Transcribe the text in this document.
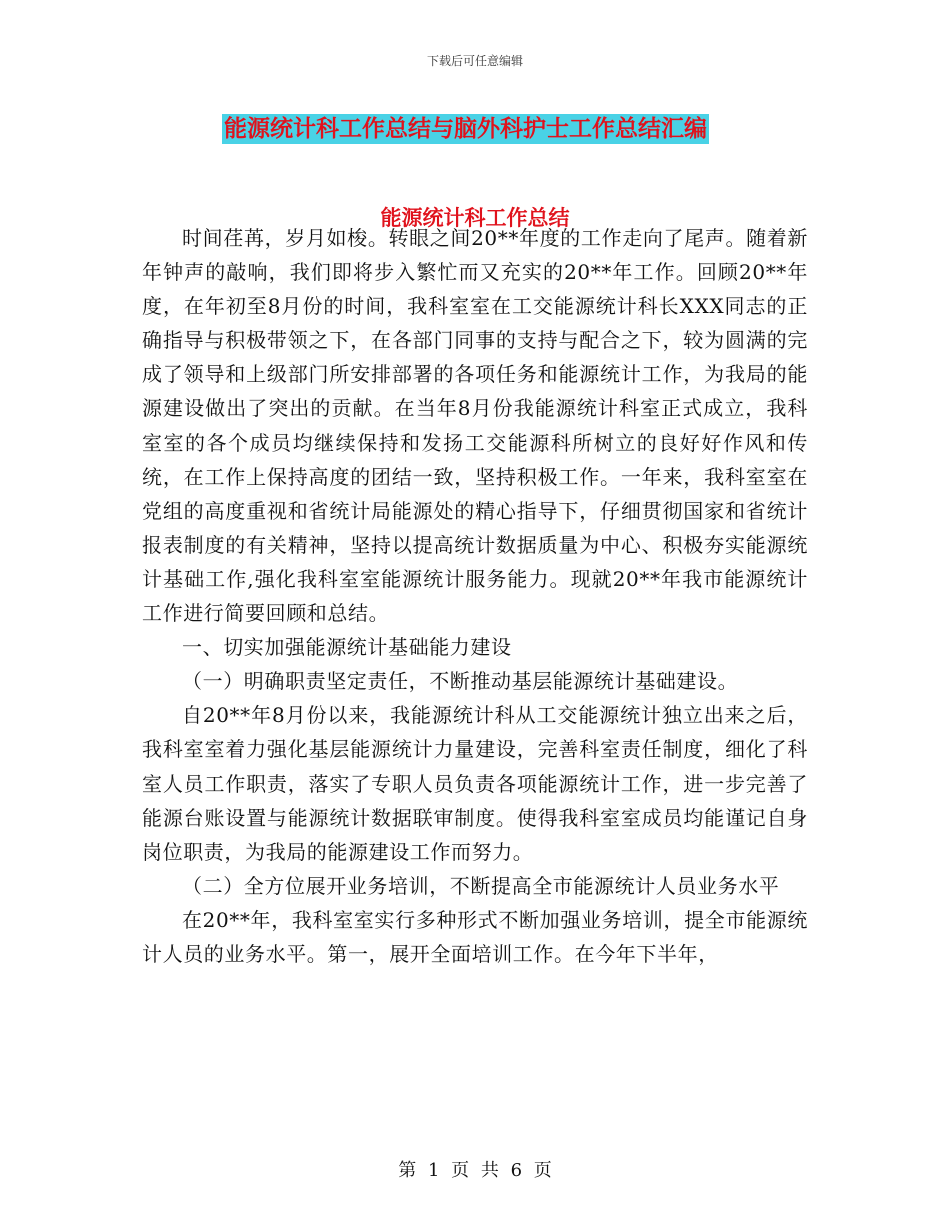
下载后可任意编辑
能源统计科工作总结与脑外科护士工作总结汇编
能源统计科工作总结

时间荏苒，岁月如梭。转眼之间20**年度的工作走向了尾声。随着新年钟声的敲响，我们即将步入繁忙而又充实的20**年工作。回顾20**年度，在年初至8月份的时间，我科室室在工交能源统计科长XXX同志的正确指导与积极带领之下，在各部门同事的支持与配合之下，较为圆满的完成了领导和上级部门所安排部署的各项任务和能源统计工作，为我局的能源建设做出了突出的贡献。在当年8月份我能源统计科室正式成立，我科室室的各个成员均继续保持和发扬工交能源科所树立的良好好作风和传统，在工作上保持高度的团结一致，坚持积极工作。一年来，我科室室在党组的高度重视和省统计局能源处的精心指导下，仔细贯彻国家和省统计报表制度的有关精神，坚持以提高统计数据质量为中心、积极夯实能源统计基础工作,强化我科室室能源统计服务能力。现就20**年我市能源统计工作进行简要回顾和总结。

一、切实加强能源统计基础能力建设

（一）明确职责坚定责任，不断推动基层能源统计基础建设。

自20**年8月份以来，我能源统计科从工交能源统计独立出来之后，我科室室着力强化基层能源统计力量建设，完善科室责任制度，细化了科室人员工作职责，落实了专职人员负责各项能源统计工作，进一步完善了能源台账设置与能源统计数据联审制度。使得我科室室成员均能谨记自身岗位职责，为我局的能源建设工作而努力。

（二）全方位展开业务培训，不断提高全市能源统计人员业务水平

在20**年，我科室室实行多种形式不断加强业务培训，提全市能源统计人员的业务水平。第一，展开全面培训工作。在今年下半年，

第 1 页 共 6 页
